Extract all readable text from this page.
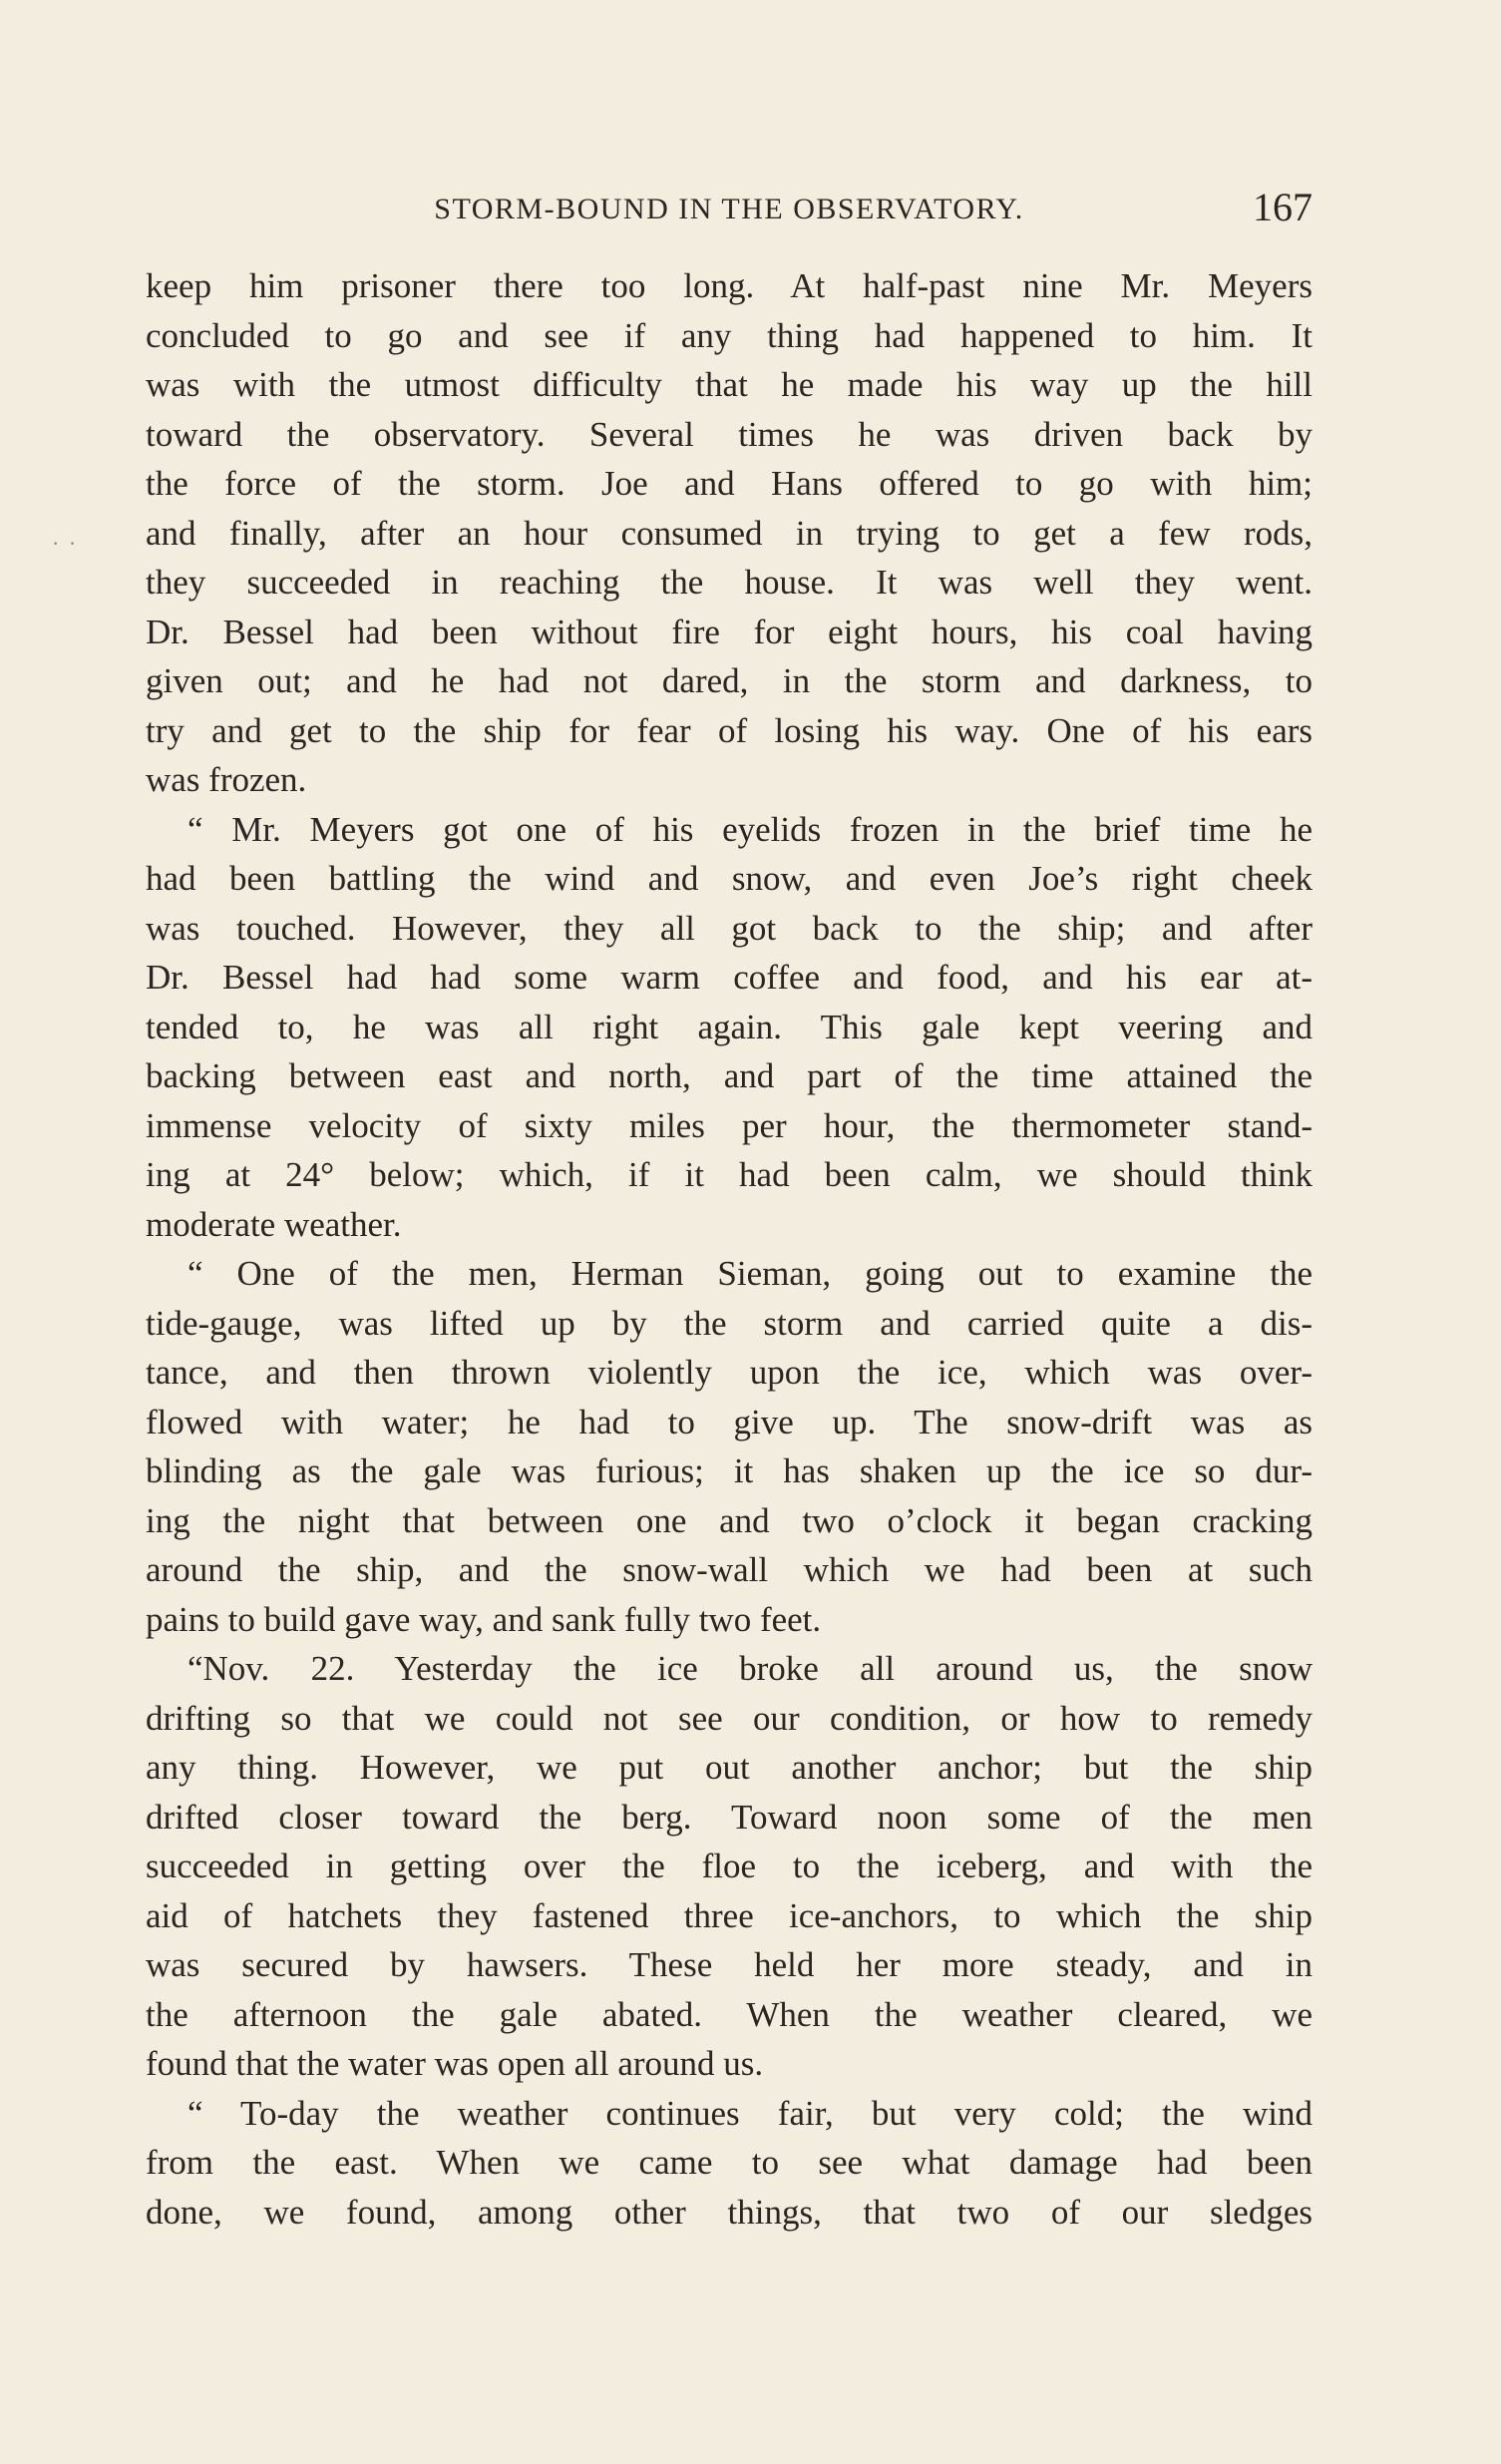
STORM-BOUND IN THE OBSERVATORY.	167
· ·
keep him prisoner there too long. At half-past nine Mr. Meyers
concluded to go and see if any thing had happened to him. It
was with the utmost difficulty that he made his way up the hill
toward the observatory. Several times he was driven back by
the force of the storm. Joe and Hans offered to go with him;
and finally, after an hour consumed in trying to get a few rods,
they succeeded in reaching the house. It was well they went.
Dr. Bessel had been without fire for eight hours, his coal having
given out; and he had not dared, in the storm and darkness, to
try and get to the ship for fear of losing his way. One of his ears
was frozen.
“ Mr. Meyers got one of his eyelids frozen in the brief time he
had been battling the wind and snow, and even Joe’s right cheek
was touched. However, they all got back to the ship; and after
Dr. Bessel had had some warm coffee and food, and his ear at-
tended to, he was all right again. This gale kept veering and
backing between east and north, and part of the time attained the
immense velocity of sixty miles per hour, the thermometer stand-
ing at 24° below; which, if it had been calm, we should think
moderate weather.
“ One of the men, Herman Sieman, going out to examine the
tide-gauge, was lifted up by the storm and carried quite a dis-
tance, and then thrown violently upon the ice, which was over-
flowed with water; he had to give up. The snow-drift was as
blinding as the gale was furious; it has shaken up the ice so dur-
ing the night that between one and two o’clock it began cracking
around the ship, and the snow-wall which we had been at such
pains to build gave way, and sank fully two feet.
“Nov. 22. Yesterday the ice broke all around us, the snow
drifting so that we could not see our condition, or how to remedy
any thing. However, we put out another anchor; but the ship
drifted closer toward the berg. Toward noon some of the men
succeeded in getting over the floe to the iceberg, and with the
aid of hatchets they fastened three ice-anchors, to which the ship
was secured by hawsers. These held her more steady, and in
the afternoon the gale abated. When the weather cleared, we
found that the water was open all around us.
“ To-day the weather continues fair, but very cold; the wind
from the east. When we came to see what damage had been
done, we found, among other things, that two of our sledges
